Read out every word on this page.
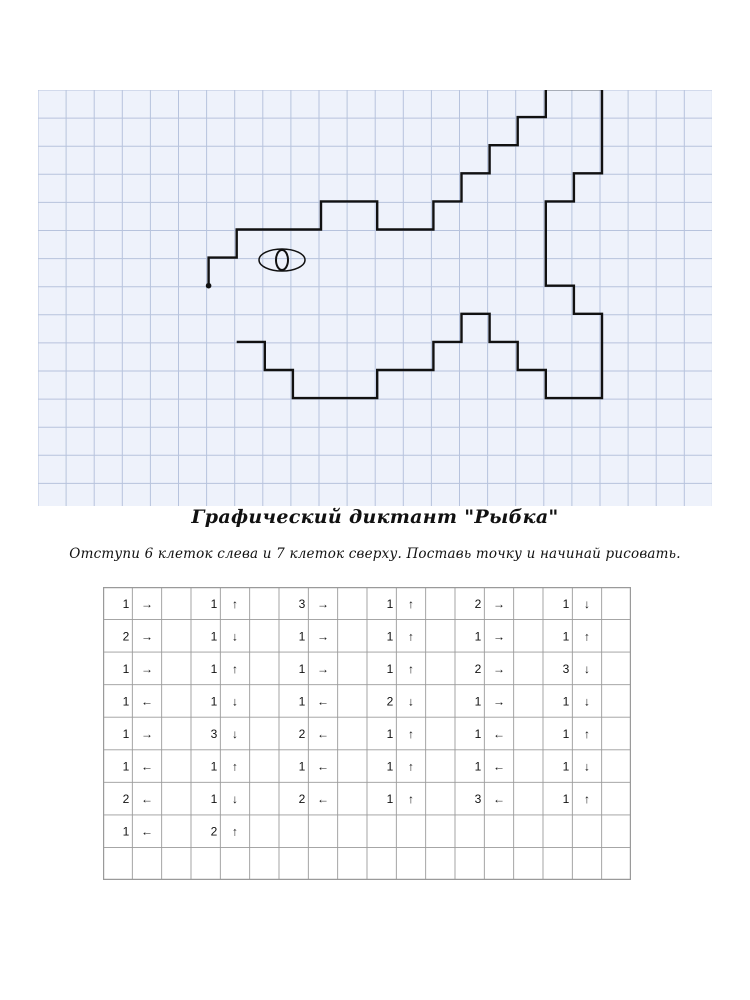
Графический диктант "Рыбка"
Отступи 6 клеток слева и 7 клеток сверху. Поставь точку и начинай рисовать.
1 →
2 →
1 →
1 ←
1 →
1 ←
2 ←
1 ←
1 ↑
1 ↓
1 ↑
1 ↓
3 ↓
1 ↑
1 ↓
2 ↑
3 →
1 →
1 →
1 ←
2 ←
1 ←
2 ←
1 ↑
1 ↑
1 ↑
2 ↓
1 ↑
1 ↑
1 ↑
2 →
1 →
2 →
1 →
1 ←
1 ←
3 ←
1 ↓
1 ↑
3 ↓
1 ↓
1 ↑
1 ↓
1 ↑
